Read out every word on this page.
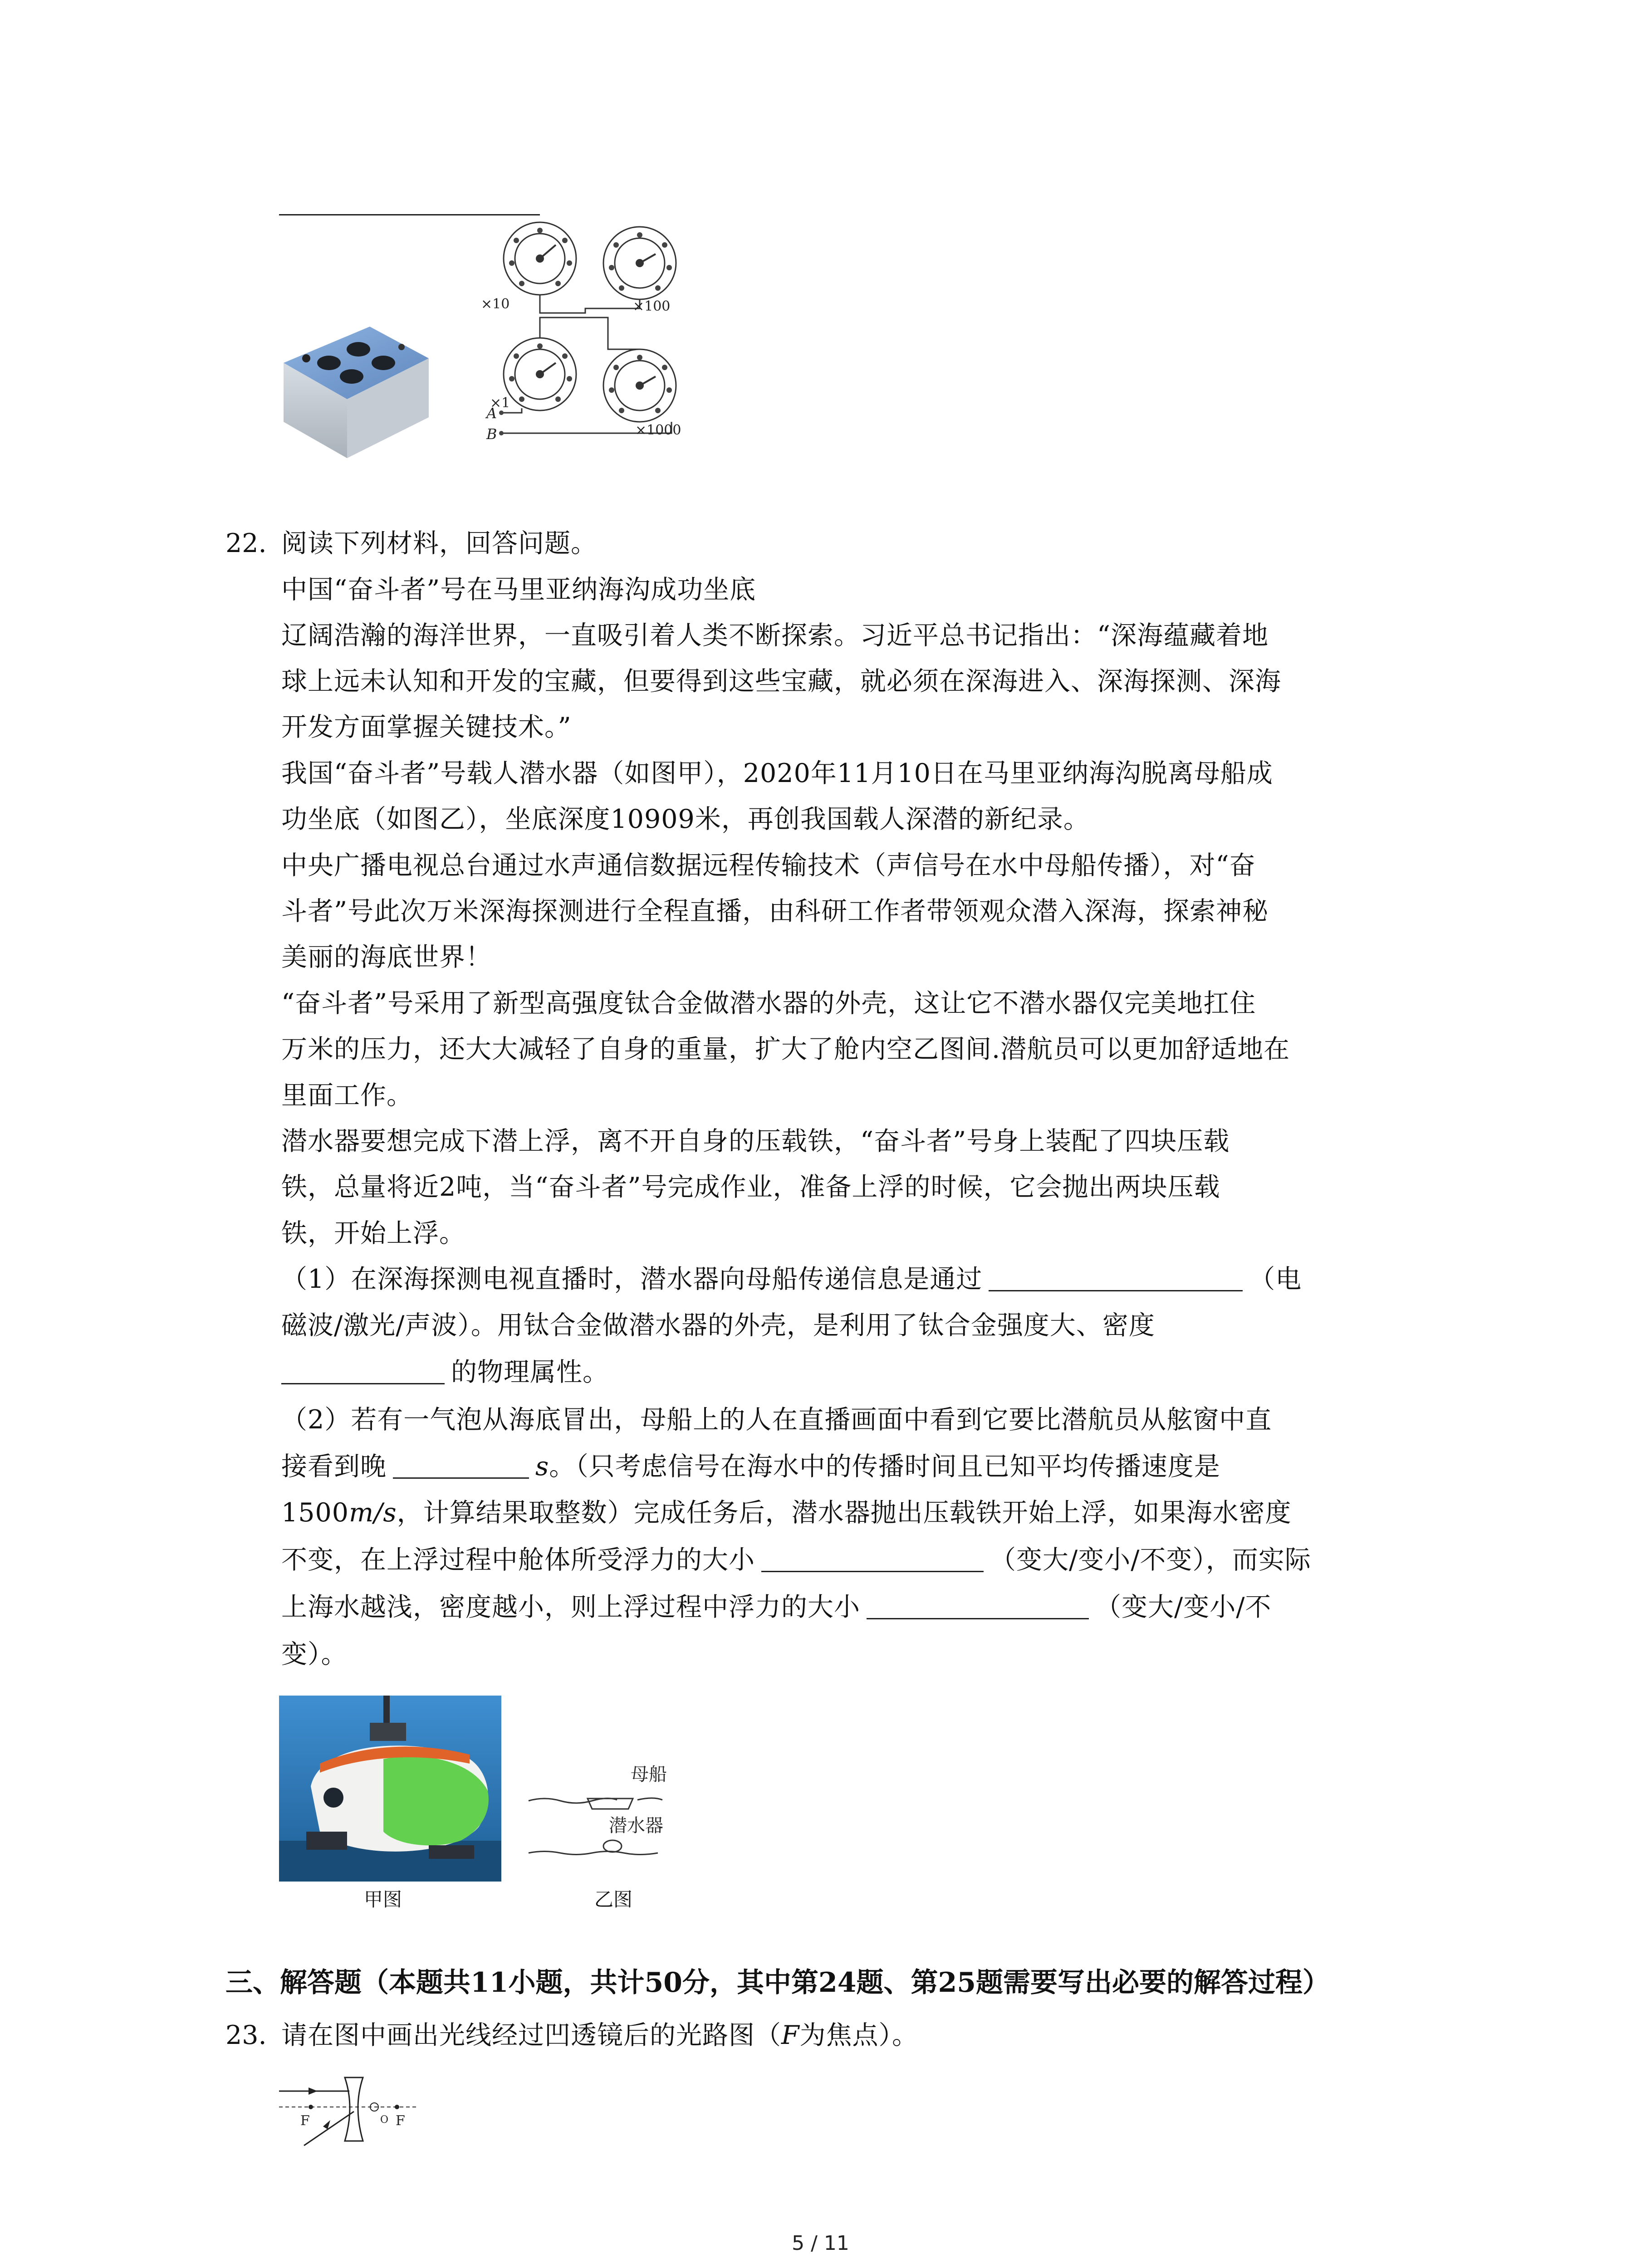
×10	×100
×1
×1000
A
B
22. 阅读下列材料，回答问题。
中国“奋斗者”号在马里亚纳海沟成功坐底
辽阔浩瀚的海洋世界，一直吸引着人类不断探索。习近平总书记指出：“深海蕴藏着地
球上远未认知和开发的宝藏，但要得到这些宝藏，就必须在深海进入、深海探测、深海
开发方面掌握关键技术。”
我国“奋斗者”号载人潜水器（如图甲），2020年11月10日在马里亚纳海沟脱离母船成
功坐底（如图乙），坐底深度10909米，再创我国载人深潜的新纪录。
中央广播电视总台通过水声通信数据远程传输技术（声信号在水中母船传播），对“奋
斗者”号此次万米深海探测进行全程直播，由科研工作者带领观众潜入深海，探索神秘
美丽的海底世界！
“奋斗者”号采用了新型高强度钛合金做潜水器的外壳，这让它不潜水器仅完美地扛住
万米的压力，还大大减轻了自身的重量，扩大了舱内空乙图间.潜航员可以更加舒适地在
里面工作。
潜水器要想完成下潜上浮，离不开自身的压载铁，“奋斗者”号身上装配了四块压载
铁，总量将近2吨，当“奋斗者”号完成作业，准备上浮的时候，它会抛出两块压载
铁，开始上浮。
（1）在深海探测电视直播时，潜水器向母船传递信息是通过	（电
磁波/激光/声波）。用钛合金做潜水器的外壳，是利用了钛合金强度大、密度
的物理属性。
（2）若有一气泡从海底冒出，母船上的人在直播画面中看到它要比潜航员从舷窗中直
接看到晚	s。（只考虑信号在海水中的传播时间且已知平均传播速度是
1500m/s，计算结果取整数）完成任务后，潜水器抛出压载铁开始上浮，如果海水密度
不变，在上浮过程中舱体所受浮力的大小	（变大/变小/不变），而实际
上海水越浅，密度越小，则上浮过程中浮力的大小	（变大/变小/不
变）。
甲图
母船
潜水器
乙图
三、解答题（本题共11小题，共计50分，其中第24题、第25题需要写出必要的解答过程）
23. 请在图中画出光线经过凹透镜后的光路图（F为焦点）。
F	O F
5 / 11
